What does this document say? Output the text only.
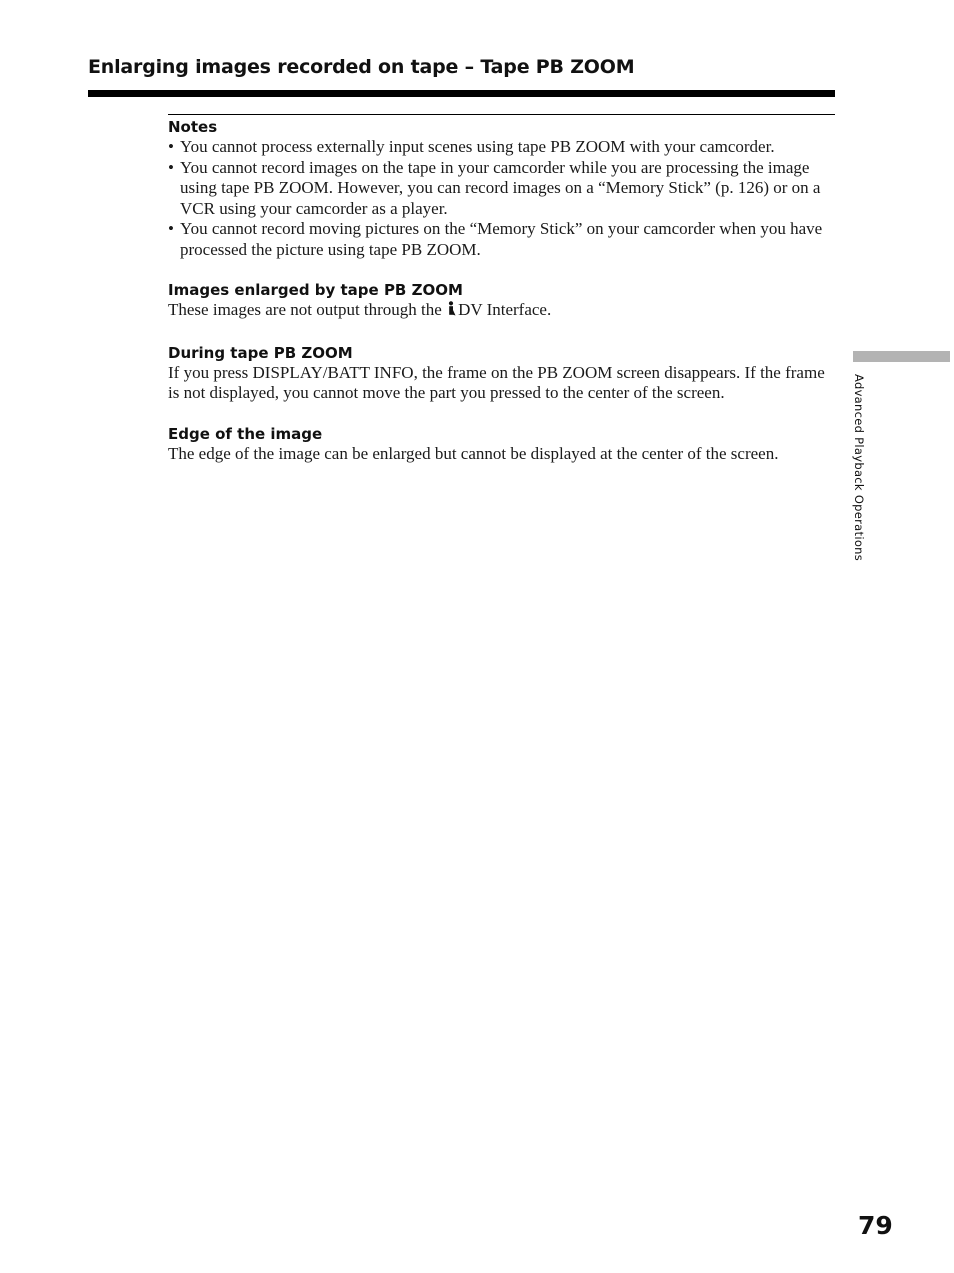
Enlarging images recorded on tape – Tape PB ZOOM

Notes

• You cannot process externally input scenes using tape PB ZOOM with your camcorder.
• You cannot record images on the tape in your camcorder while you are processing the image using tape PB ZOOM. However, you can record images on a “Memory Stick” (p. 126) or on a VCR using your camcorder as a player.
• You cannot record moving pictures on the “Memory Stick” on your camcorder when you have processed the picture using tape PB ZOOM.

Images enlarged by tape PB ZOOM

These images are not output through the DV Interface.

During tape PB ZOOM

If you press DISPLAY/BATT INFO, the frame on the PB ZOOM screen disappears. If the frame is not displayed, you cannot move the part you pressed to the center of the screen.

Edge of the image

The edge of the image can be enlarged but cannot be displayed at the center of the screen.	Advanced Playback Operations
79
